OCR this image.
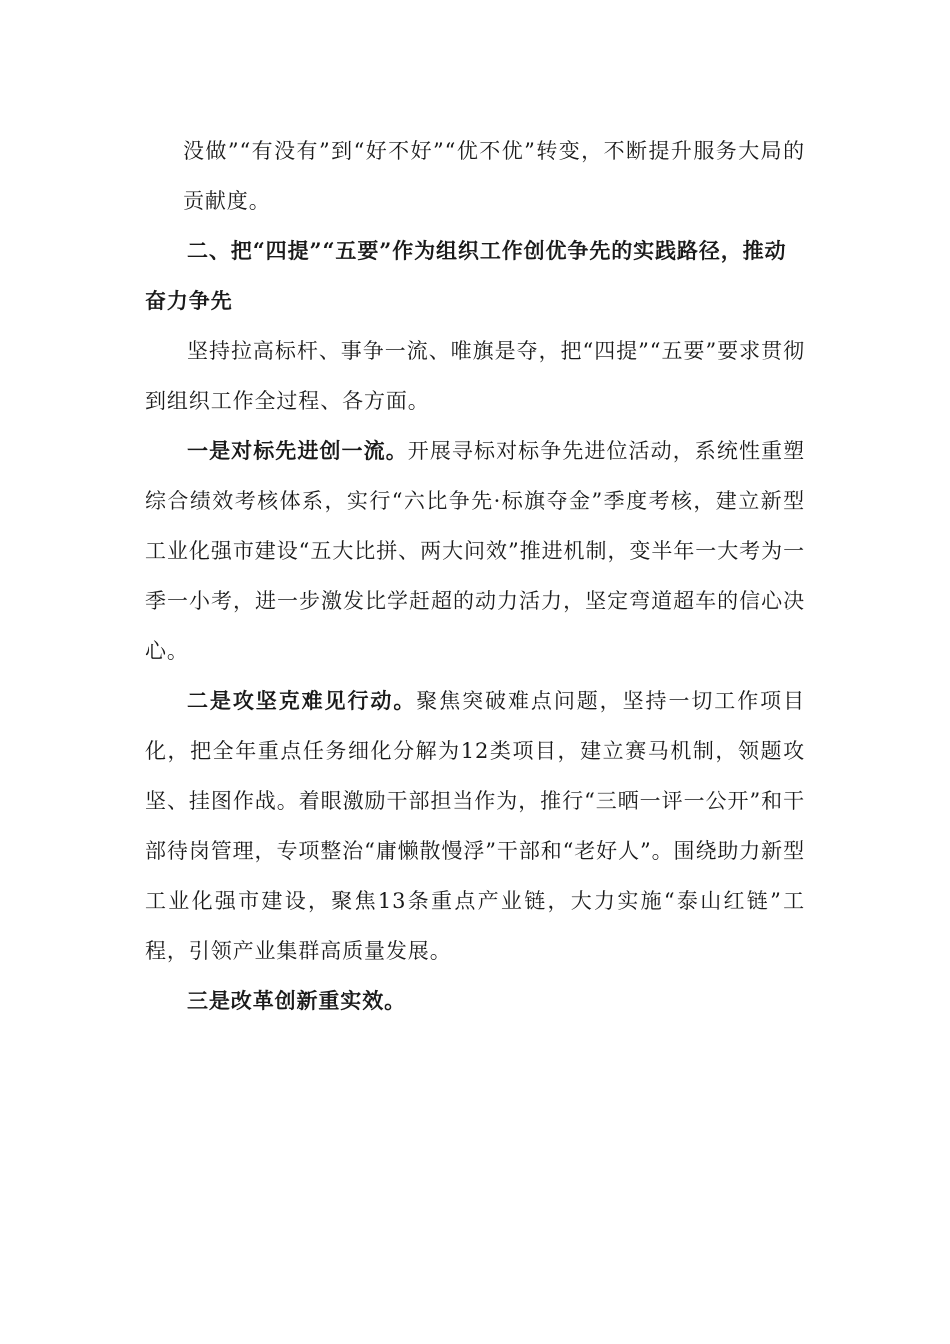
没做”“有没有”到“好不好”“优不优”转变，不断提升服务大局的贡献度。

二、把“四提”“五要”作为组织工作创优争先的实践路径，推动奋力争先

坚持拉高标杆、事争一流、唯旗是夺，把“四提”“五要”要求贯彻到组织工作全过程、各方面。

一是对标先进创一流。开展寻标对标争先进位活动，系统性重塑综合绩效考核体系，实行“六比争先·标旗夺金”季度考核，建立新型工业化强市建设“五大比拼、两大问效”推进机制，变半年一大考为一季一小考，进一步激发比学赶超的动力活力，坚定弯道超车的信心决心。

二是攻坚克难见行动。聚焦突破难点问题，坚持一切工作项目化，把全年重点任务细化分解为12类项目，建立赛马机制，领题攻坚、挂图作战。着眼激励干部担当作为，推行“三晒一评一公开”和干部待岗管理，专项整治“庸懒散慢浮”干部和“老好人”。围绕助力新型工业化强市建设，聚焦13条重点产业链，大力实施“泰山红链”工程，引领产业集群高质量发展。

三是改革创新重实效。
